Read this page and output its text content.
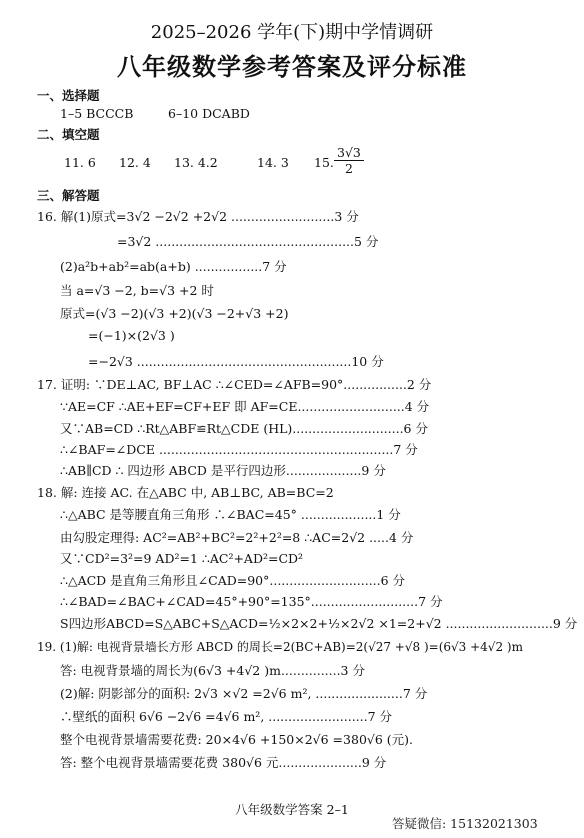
2025–2026 学年(下)期中学情调研
八年级数学参考答案及评分标准
一、选择题
1–5 BCCCB	6–10 DCABD
二、填空题
11. 6 12. 4 13. 4.2	14. 3 15. $\frac{3√3}{2}$
三、解答题
16. 解(1)原式=3√2 −2√2 +2√2 ..........................3 分
=3√2 ..................................................5 分
(2)a²b+ab²=ab(a+b) .................7 分
当 a=√3 −2, b=√3 +2 时
原式=(√3 −2)(√3 +2)(√3 −2+√3 +2)
=(−1)×(2√3 )
=−2√3 ......................................................10 分
17. 证明: ∵DE⊥AC, BF⊥AC ∴∠CED=∠AFB=90°................2 分
∵AE=CF ∴AE+EF=CF+EF 即 AF=CE...........................4 分
又∵AB=CD ∴Rt△ABF≌Rt△CDE (HL)............................6 分
∴∠BAF=∠DCE ...........................................................7 分
∴AB∥CD ∴ 四边形 ABCD 是平行四边形...................9 分
18. 解: 连接 AC. 在△ABC 中, AB⊥BC, AB=BC=2
∴△ABC 是等腰直角三角形 ∴∠BAC=45° ...................1 分
由勾股定理得: AC²=AB²+BC²=2²+2²=8 ∴AC=2√2 .....4 分
又∵CD²=3²=9 AD²=1 ∴AC²+AD²=CD²
∴△ACD 是直角三角形且∠CAD=90°............................6 分
∴∠BAD=∠BAC+∠CAD=45°+90°=135°...........................7 分
S四边形ABCD=S△ABC+S△ACD=½×2×2+½×2√2 ×1=2+√2 ...........................9 分
19. (1)解: 电视背景墙长方形 ABCD 的周长=2(BC+AB)=2(√27 +√8 )=(6√3 +4√2 )m
答: 电视背景墙的周长为(6√3 +4√2 )m...............3 分
(2)解: 阴影部分的面积: 2√3 ×√2 =2√6 m², ......................7 分
∴壁纸的面积 6√6 −2√6 =4√6 m², .........................7 分
整个电视背景墙需要花费: 20×4√6 +150×2√6 =380√6 (元).
答: 整个电视背景墙需要花费 380√6 元.....................9 分
八年级数学答案 2–1
答疑微信: 15132021303
